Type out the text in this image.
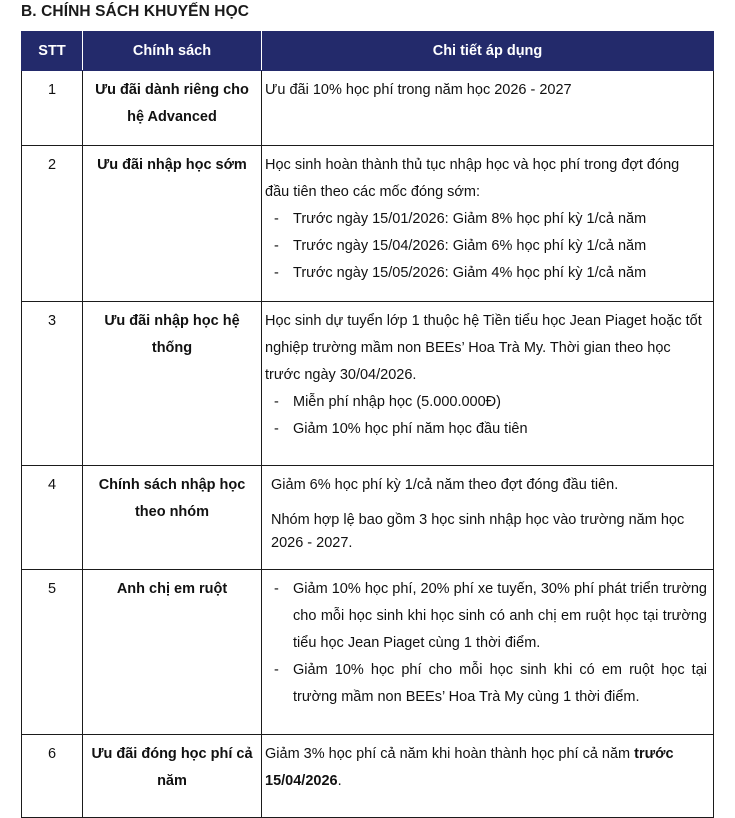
B. CHÍNH SÁCH KHUYẾN HỌC
STT	Chính sách	Chi tiết áp dụng
1	Ưu đãi dành riêng cho hệ Advanced	Ưu đãi 10% học phí trong năm học 2026 - 2027

2	Ưu đãi nhập học sớm	Học sinh hoàn thành thủ tục nhập học và học phí trong đợt đóng đầu tiên theo các mốc đóng sớm:
- Trước ngày 15/01/2026: Giảm 8% học phí kỳ 1/cả năm
- Trước ngày 15/04/2026: Giảm 6% học phí kỳ 1/cả năm
- Trước ngày 15/05/2026: Giảm 4% học phí kỳ 1/cả năm

3	Ưu đãi nhập học hệ thống	Học sinh dự tuyển lớp 1 thuộc hệ Tiền tiểu học Jean Piaget hoặc tốt nghiệp trường mầm non BEEs’ Hoa Trà My. Thời gian theo học trước ngày 30/04/2026.
- Miễn phí nhập học (5.000.000Đ)
- Giảm 10% học phí năm học đầu tiên

4	Chính sách nhập học theo nhóm	Giảm 6% học phí kỳ 1/cả năm theo đợt đóng đầu tiên.
Nhóm hợp lệ bao gồm 3 học sinh nhập học vào trường năm học 2026 - 2027.

5	Anh chị em ruột	- Giảm 10% học phí, 20% phí xe tuyến, 30% phí phát triển trường cho mỗi học sinh khi học sinh có anh chị em ruột học tại trường tiểu học Jean Piaget cùng 1 thời điểm.
- Giảm 10% học phí cho mỗi học sinh khi có em ruột học tại trường mầm non BEEs’ Hoa Trà My cùng 1 thời điểm.

6	Ưu đãi đóng học phí cả năm	Giảm 3% học phí cả năm khi hoàn thành học phí cả năm trước 15/04/2026.
